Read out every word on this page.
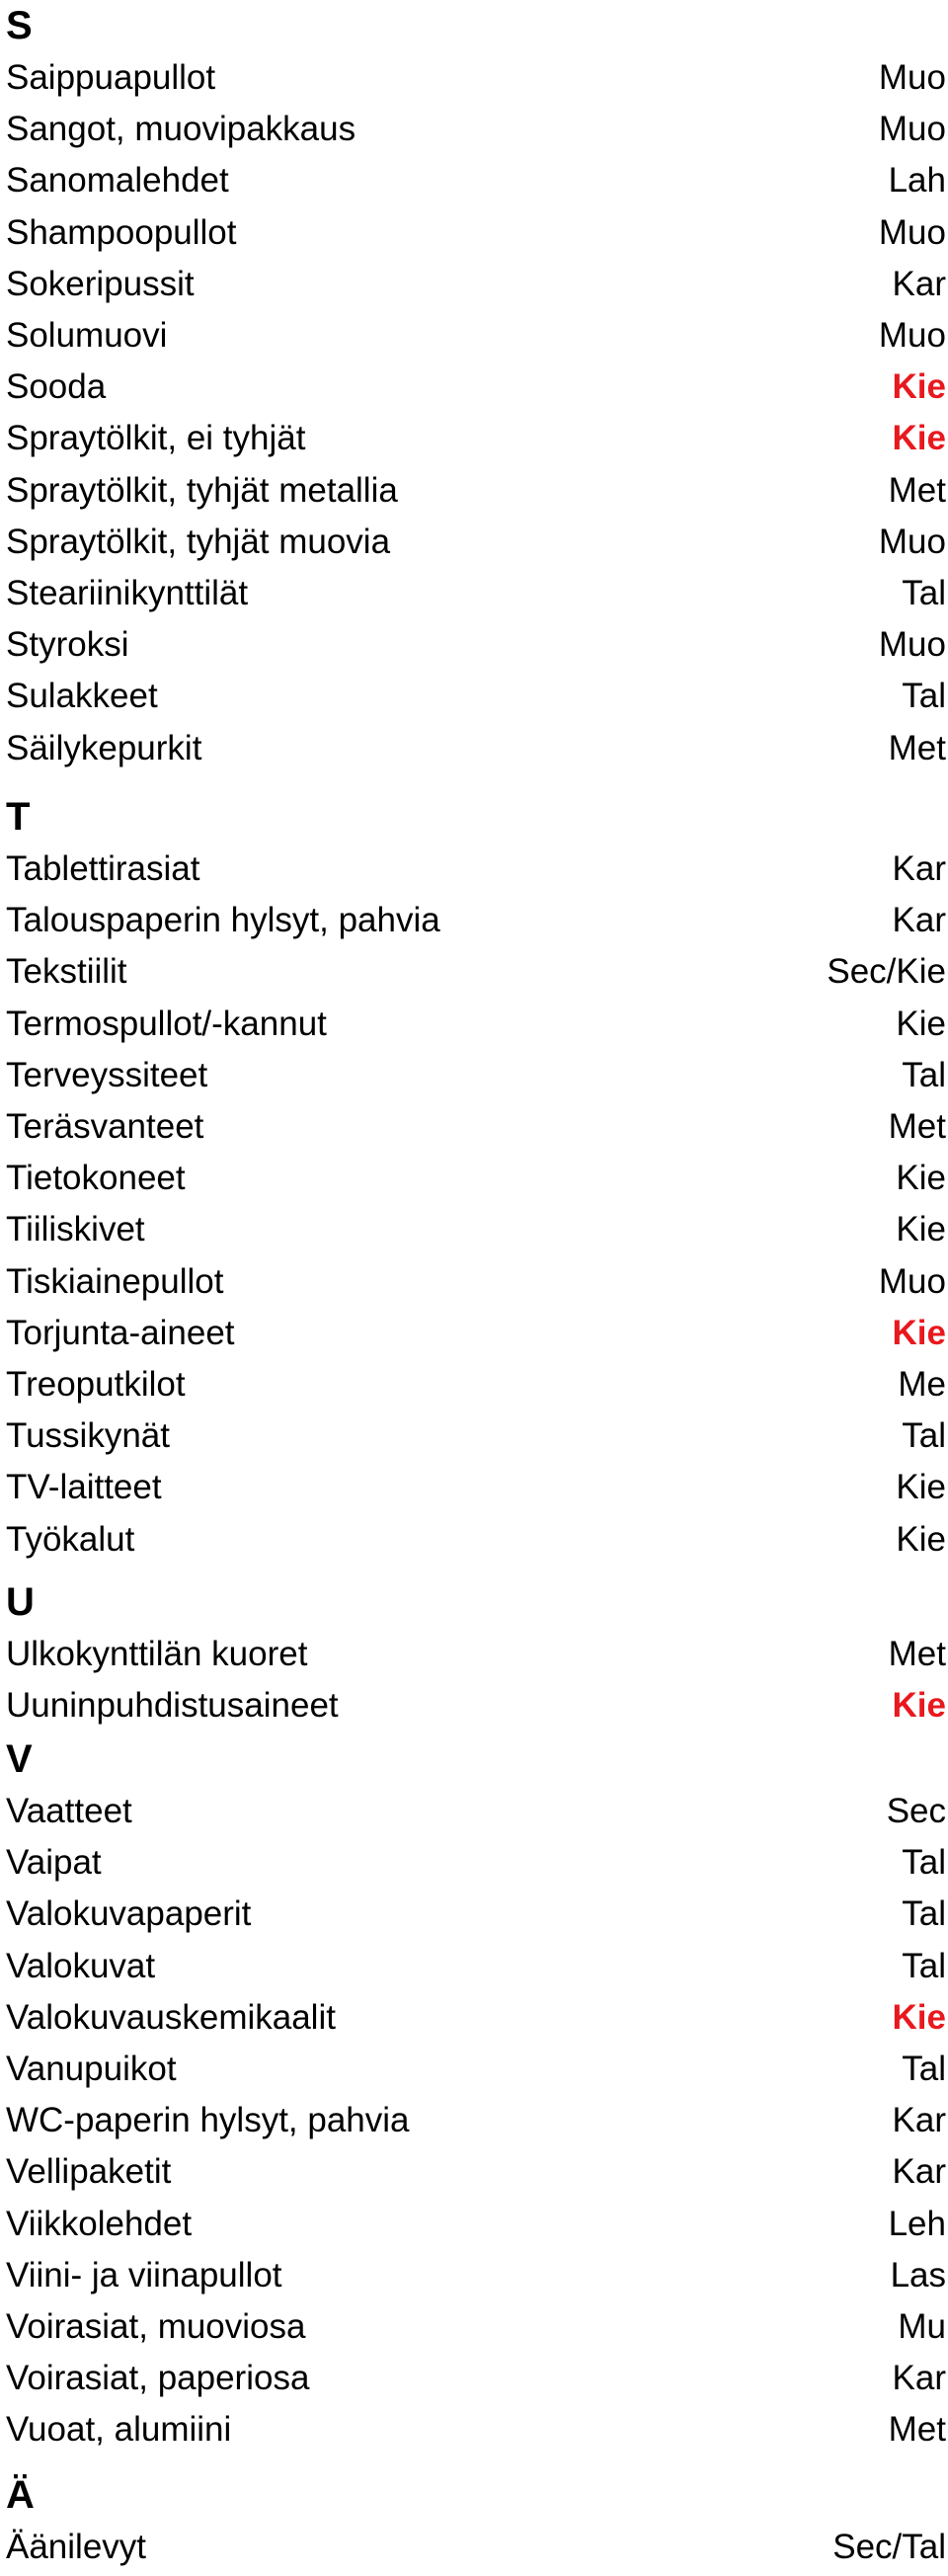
S
Saippuapullot	Muo
Sangot, muovipakkaus	Muo
Sanomalehdet	Lah
Shampoopullot	Muo
Sokeripussit	Kar
Solumuovi	Muo
Sooda	Kie
Spraytölkit, ei tyhjät	Kie
Spraytölkit, tyhjät metallia	Met
Spraytölkit, tyhjät muovia	Muo
Steariinikynttilät	Tal
Styroksi	Muo
Sulakkeet	Tal
Säilykepurkit	Met
T
Tablettirasiat	Kar
Talouspaperin hylsyt, pahvia	Kar
Tekstiilit	Sec/Kie
Termospullot/-kannut	Kie
Terveyssiteet	Tal
Teräsvanteet	Met
Tietokoneet	Kie
Tiiliskivet	Kie
Tiskiainepullot	Muo
Torjunta-aineet	Kie
Treoputkilot	Me
Tussikynät	Tal
TV-laitteet	Kie
Työkalut	Kie
U
Ulkokynttilän kuoret	Met
Uuninpuhdistusaineet	Kie
V
Vaatteet	Sec
Vaipat	Tal
Valokuvapaperit	Tal
Valokuvat	Tal
Valokuvauskemikaalit	Kie
Vanupuikot	Tal
WC-paperin hylsyt, pahvia	Kar
Vellipaketit	Kar
Viikkolehdet	Leh
Viini- ja viinapullot	Las
Voirasiat, muoviosa	Mu
Voirasiat, paperiosa	Kar
Vuoat, alumiini	Met
Ä
Äänilevyt	Sec/Tal
